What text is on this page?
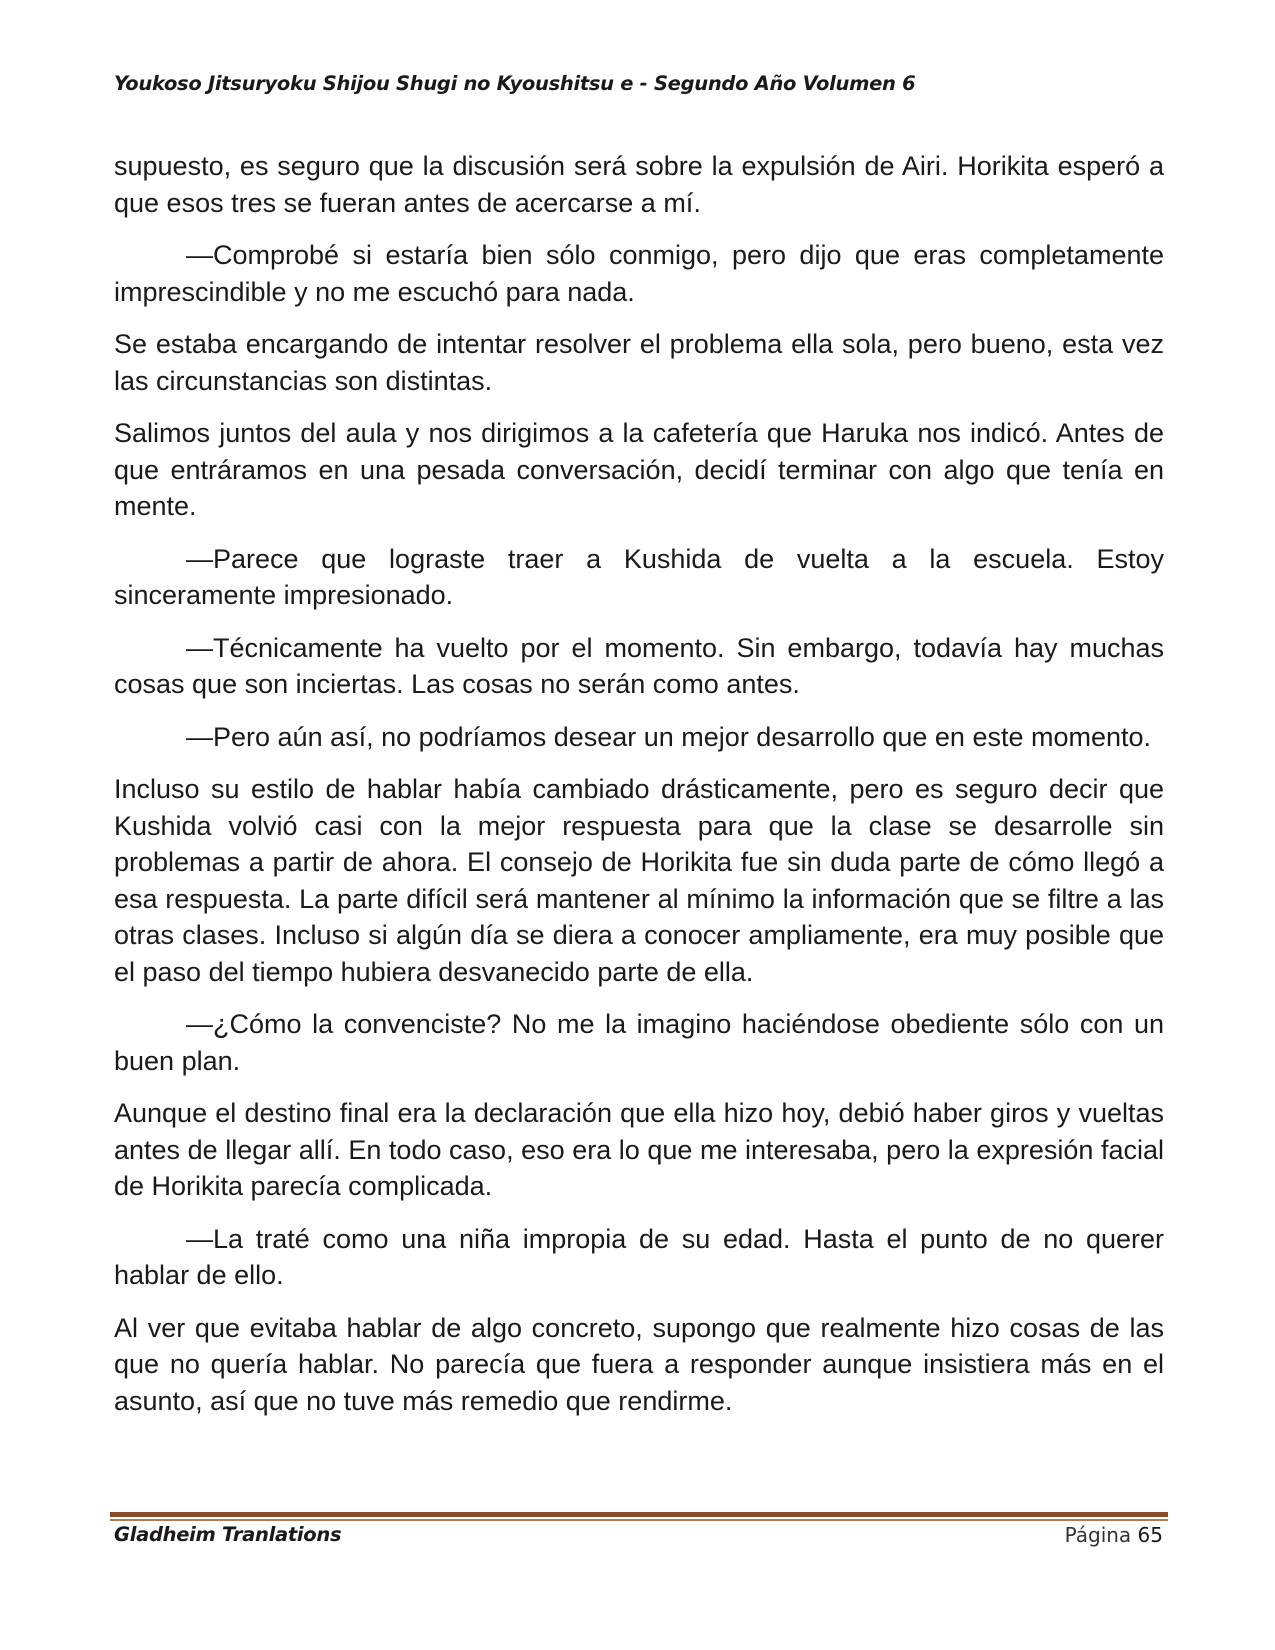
Youkoso Jitsuryoku Shijou Shugi no Kyoushitsu e - Segundo Año Volumen 6

supuesto, es seguro que la discusión será sobre la expulsión de Airi. Horikita esperó a que esos tres se fueran antes de acercarse a mí.

—Comprobé si estaría bien sólo conmigo, pero dijo que eras completamente imprescindible y no me escuchó para nada.

Se estaba encargando de intentar resolver el problema ella sola, pero bueno, esta vez las circunstancias son distintas.

Salimos juntos del aula y nos dirigimos a la cafetería que Haruka nos indicó. Antes de que entráramos en una pesada conversación, decidí terminar con algo que tenía en mente.

—Parece que lograste traer a Kushida de vuelta a la escuela. Estoy sinceramente impresionado.

—Técnicamente ha vuelto por el momento. Sin embargo, todavía hay muchas cosas que son inciertas. Las cosas no serán como antes.

—Pero aún así, no podríamos desear un mejor desarrollo que en este momento.

Incluso su estilo de hablar había cambiado drásticamente, pero es seguro decir que Kushida volvió casi con la mejor respuesta para que la clase se desarrolle sin problemas a partir de ahora. El consejo de Horikita fue sin duda parte de cómo llegó a esa respuesta. La parte difícil será mantener al mínimo la información que se filtre a las otras clases. Incluso si algún día se diera a conocer ampliamente, era muy posible que el paso del tiempo hubiera desvanecido parte de ella.

—¿Cómo la convenciste? No me la imagino haciéndose obediente sólo con un buen plan.

Aunque el destino final era la declaración que ella hizo hoy, debió haber giros y vueltas antes de llegar allí. En todo caso, eso era lo que me interesaba, pero la expresión facial de Horikita parecía complicada.

—La traté como una niña impropia de su edad. Hasta el punto de no querer hablar de ello.

Al ver que evitaba hablar de algo concreto, supongo que realmente hizo cosas de las que no quería hablar. No parecía que fuera a responder aunque insistiera más en el asunto, así que no tuve más remedio que rendirme.

Gladheim Tranlations	Página 65
